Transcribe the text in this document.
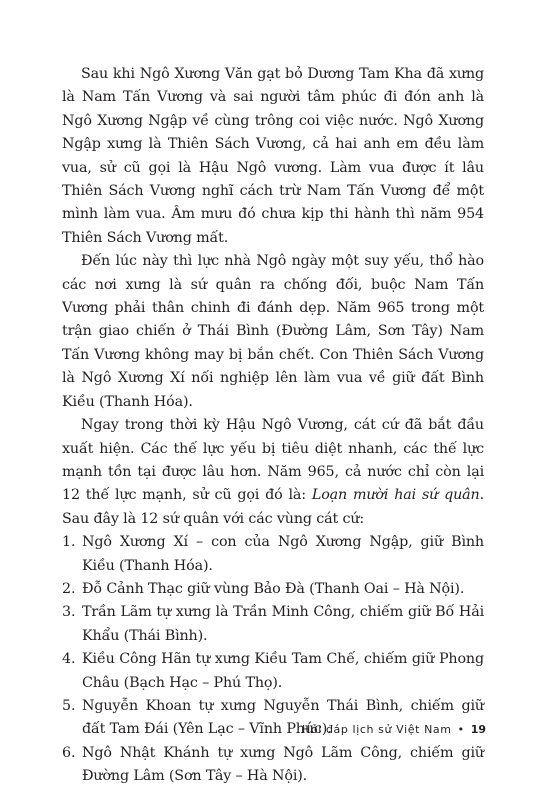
Sau khi Ngô Xương Văn gạt bỏ Dương Tam Kha đã xưng là Nam Tấn Vương và sai người tâm phúc đi đón anh là Ngô Xương Ngập về cùng trông coi việc nước. Ngô Xương Ngập xưng là Thiên Sách Vương, cả hai anh em đều làm vua, sử cũ gọi là Hậu Ngô vương. Làm vua được ít lâu Thiên Sách Vương nghĩ cách trừ Nam Tấn Vương để một mình làm vua. Âm mưu đó chưa kịp thi hành thì năm 954 Thiên Sách Vương mất.

Đến lúc này thì lực nhà Ngô ngày một suy yếu, thổ hào các nơi xưng là sứ quân ra chống đối, buộc Nam Tấn Vương phải thân chinh đi đánh dẹp. Năm 965 trong một trận giao chiến ở Thái Bình (Đường Lâm, Sơn Tây) Nam Tấn Vương không may bị bắn chết. Con Thiên Sách Vương là Ngô Xương Xí nối nghiệp lên làm vua về giữ đất Bình Kiều (Thanh Hóa).

Ngay trong thời kỳ Hậu Ngô Vương, cát cứ đã bắt đầu xuất hiện. Các thế lực yếu bị tiêu diệt nhanh, các thế lực mạnh tồn tại được lâu hơn. Năm 965, cả nước chỉ còn lại 12 thế lực mạnh, sử cũ gọi đó là: Loạn mười hai sứ quân. Sau đây là 12 sứ quân với các vùng cát cứ:

1. Ngô Xương Xí – con của Ngô Xương Ngập, giữ Bình Kiều (Thanh Hóa).
2. Đỗ Cảnh Thạc giữ vùng Bảo Đà (Thanh Oai – Hà Nội).
3. Trần Lãm tự xưng là Trần Minh Công, chiếm giữ Bố Hải Khẩu (Thái Bình).
4. Kiều Công Hãn tự xưng Kiều Tam Chế, chiếm giữ Phong Châu (Bạch Hạc – Phú Thọ).
5. Nguyễn Khoan tự xưng Nguyễn Thái Bình, chiếm giữ đất Tam Đái (Yên Lạc – Vĩnh Phúc).
6. Ngô Nhật Khánh tự xưng Ngô Lãm Công, chiếm giữ Đường Lâm (Sơn Tây – Hà Nội).
Hỏi đáp lịch sử Việt Nam • 19
